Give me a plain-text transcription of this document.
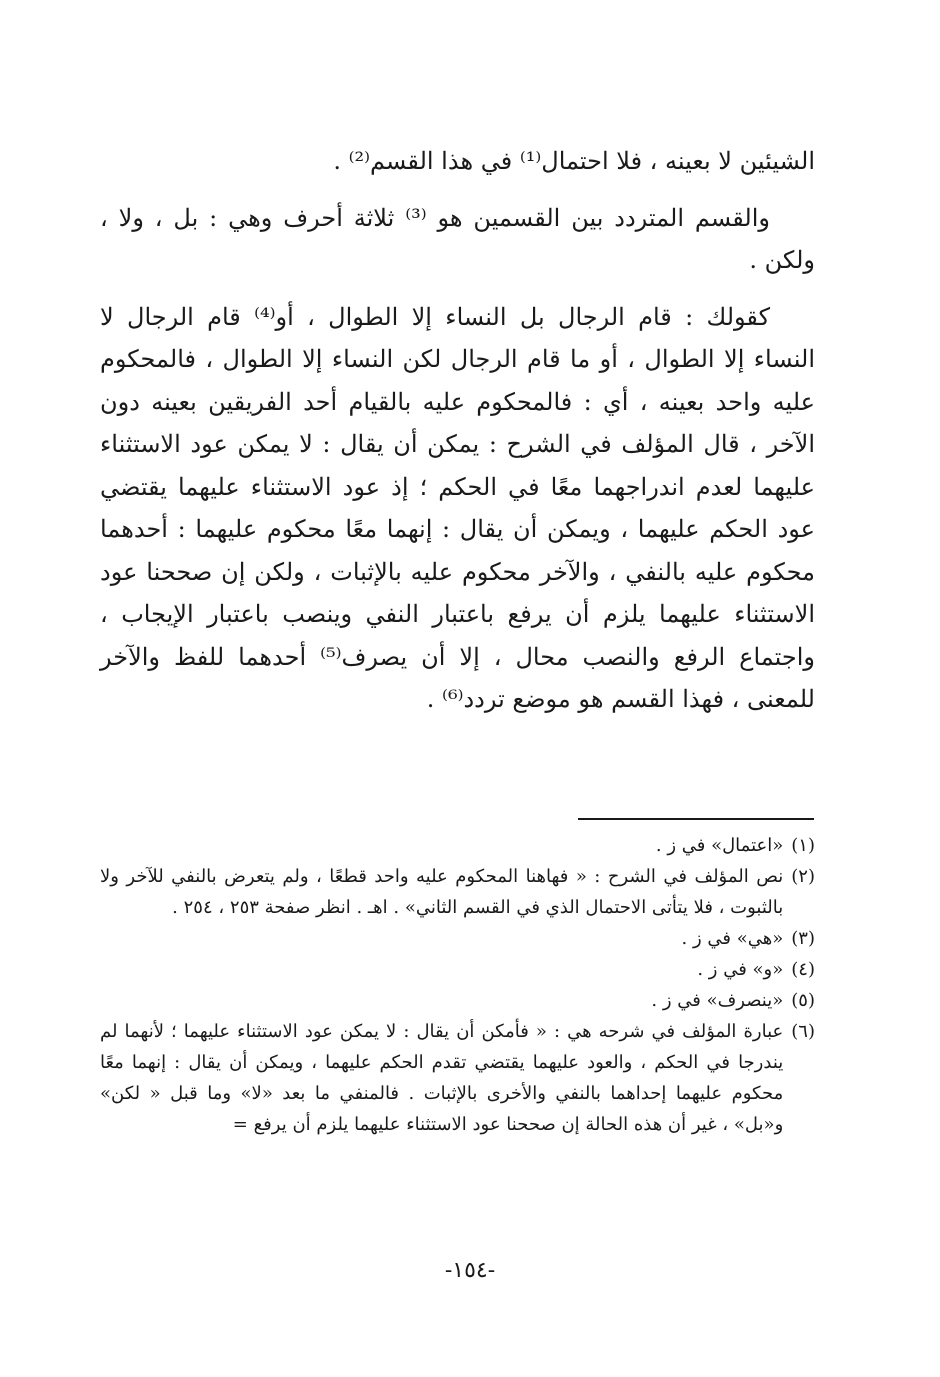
الشيئين لا بعينه ، فلا احتمال⁽¹⁾ في هذا القسم⁽²⁾ .

والقسم المتردد بين القسمين هو ⁽³⁾ ثلاثة أحرف وهي : بل ، ولا ، ولكن .

كقولك : قام الرجال بل النساء إلا الطوال ، أو⁽⁴⁾ قام الرجال لا النساء إلا الطوال ، أو ما قام الرجال لكن النساء إلا الطوال ، فالمحكوم عليه واحد بعينه ، أي : فالمحكوم عليه بالقيام أحد الفريقين بعينه دون الآخر ، قال المؤلف في الشرح : يمكن أن يقال : لا يمكن عود الاستثناء عليهما لعدم اندراجهما معًا في الحكم ؛ إذ عود الاستثناء عليهما يقتضي عود الحكم عليهما ، ويمكن أن يقال : إنهما معًا محكوم عليهما : أحدهما محكوم عليه بالنفي ، والآخر محكوم عليه بالإثبات ، ولكن إن صححنا عود الاستثناء عليهما يلزم أن يرفع باعتبار النفي وينصب باعتبار الإيجاب ، واجتماع الرفع والنصب محال ، إلا أن يصرف⁽⁵⁾ أحدهما للفظ والآخر للمعنى ، فهذا القسم هو موضع تردد⁽⁶⁾ .

(١)
«اعتمال» في ز .
(٢)
نص المؤلف في الشرح : « فهاهنا المحكوم عليه واحد قطعًا ، ولم يتعرض بالنفي للآخر ولا بالثبوت ، فلا يتأتى الاحتمال الذي في القسم الثاني» . اهـ . انظر صفحة ٢٥٣ ، ٢٥٤ .
(٣)
«هي» في ز .
(٤)
«و» في ز .
(٥)
«ينصرف» في ز .
(٦)
عبارة المؤلف في شرحه هي : « فأمكن أن يقال : لا يمكن عود الاستثناء عليهما ؛ لأنهما لم يندرجا في الحكم ، والعود عليهما يقتضي تقدم الحكم عليهما ، ويمكن أن يقال : إنهما معًا محكوم عليهما إحداهما بالنفي والأخرى بالإثبات . فالمنفي ما بعد «لا» وما قبل « لكن» و«بل» ، غير أن هذه الحالة إن صححنا عود الاستثناء عليهما يلزم أن يرفع =
-١٥٤-
